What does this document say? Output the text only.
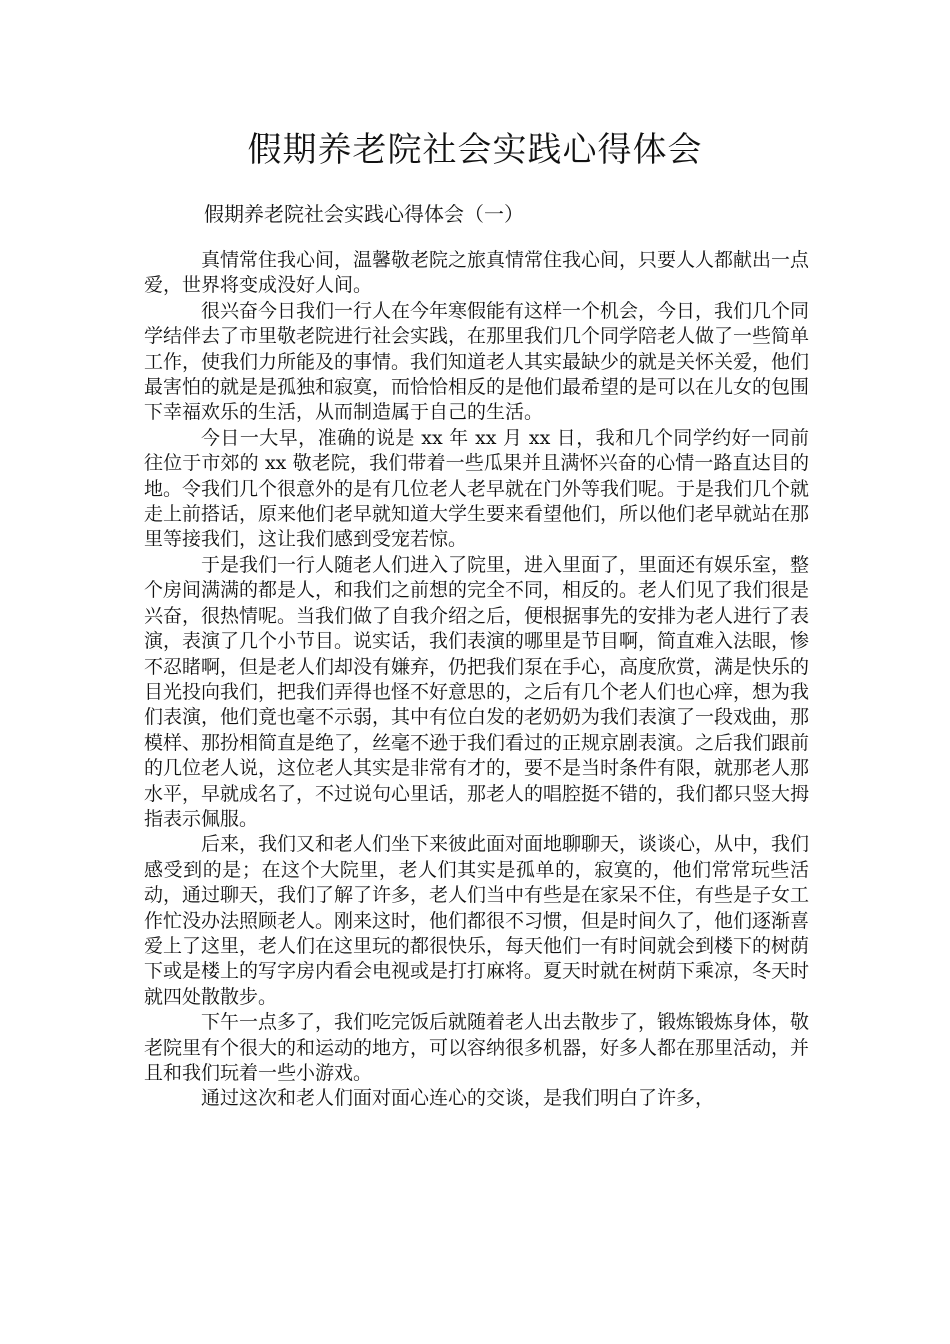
假期养老院社会实践心得体会
假期养老院社会实践心得体会（一）

真情常住我心间，温馨敬老院之旅真情常住我心间，只要人人都献出一点爱，世界将变成没好人间。

很兴奋今日我们一行人在今年寒假能有这样一个机会，今日，我们几个同学结伴去了市里敬老院进行社会实践，在那里我们几个同学陪老人做了一些简单工作，使我们力所能及的事情。我们知道老人其实最缺少的就是关怀关爱，他们最害怕的就是是孤独和寂寞，而恰恰相反的是他们最希望的是可以在儿女的包围下幸福欢乐的生活，从而制造属于自己的生活。

今日一大早，准确的说是 xx 年 xx 月 xx 日，我和几个同学约好一同前往位于市郊的 xx 敬老院，我们带着一些瓜果并且满怀兴奋的心情一路直达目的地。令我们几个很意外的是有几位老人老早就在门外等我们呢。于是我们几个就走上前搭话，原来他们老早就知道大学生要来看望他们，所以他们老早就站在那里等接我们，这让我们感到受宠若惊。

于是我们一行人随老人们进入了院里，进入里面了，里面还有娱乐室，整个房间满满的都是人，和我们之前想的完全不同，相反的。老人们见了我们很是兴奋，很热情呢。当我们做了自我介绍之后，便根据事先的安排为老人进行了表演，表演了几个小节目。说实话，我们表演的哪里是节目啊，简直难入法眼，惨不忍睹啊，但是老人们却没有嫌弃，仍把我们泵在手心，高度欣赏，满是快乐的目光投向我们，把我们弄得也怪不好意思的，之后有几个老人们也心痒，想为我们表演，他们竟也毫不示弱，其中有位白发的老奶奶为我们表演了一段戏曲，那模样、那扮相简直是绝了，丝毫不逊于我们看过的正规京剧表演。之后我们跟前的几位老人说，这位老人其实是非常有才的，要不是当时条件有限，就那老人那水平，早就成名了，不过说句心里话，那老人的唱腔挺不错的，我们都只竖大拇指表示佩服。

后来，我们又和老人们坐下来彼此面对面地聊聊天，谈谈心，从中，我们感受到的是；在这个大院里，老人们其实是孤单的，寂寞的，他们常常玩些活动，通过聊天，我们了解了许多，老人们当中有些是在家呆不住，有些是子女工作忙没办法照顾老人。刚来这时，他们都很不习惯，但是时间久了，他们逐渐喜爱上了这里，老人们在这里玩的都很快乐，每天他们一有时间就会到楼下的树荫下或是楼上的写字房内看会电视或是打打麻将。夏天时就在树荫下乘凉，冬天时就四处散散步。

下午一点多了，我们吃完饭后就随着老人出去散步了，锻炼锻炼身体，敬老院里有个很大的和运动的地方，可以容纳很多机器，好多人都在那里活动，并且和我们玩着一些小游戏。

通过这次和老人们面对面心连心的交谈，是我们明白了许多，
